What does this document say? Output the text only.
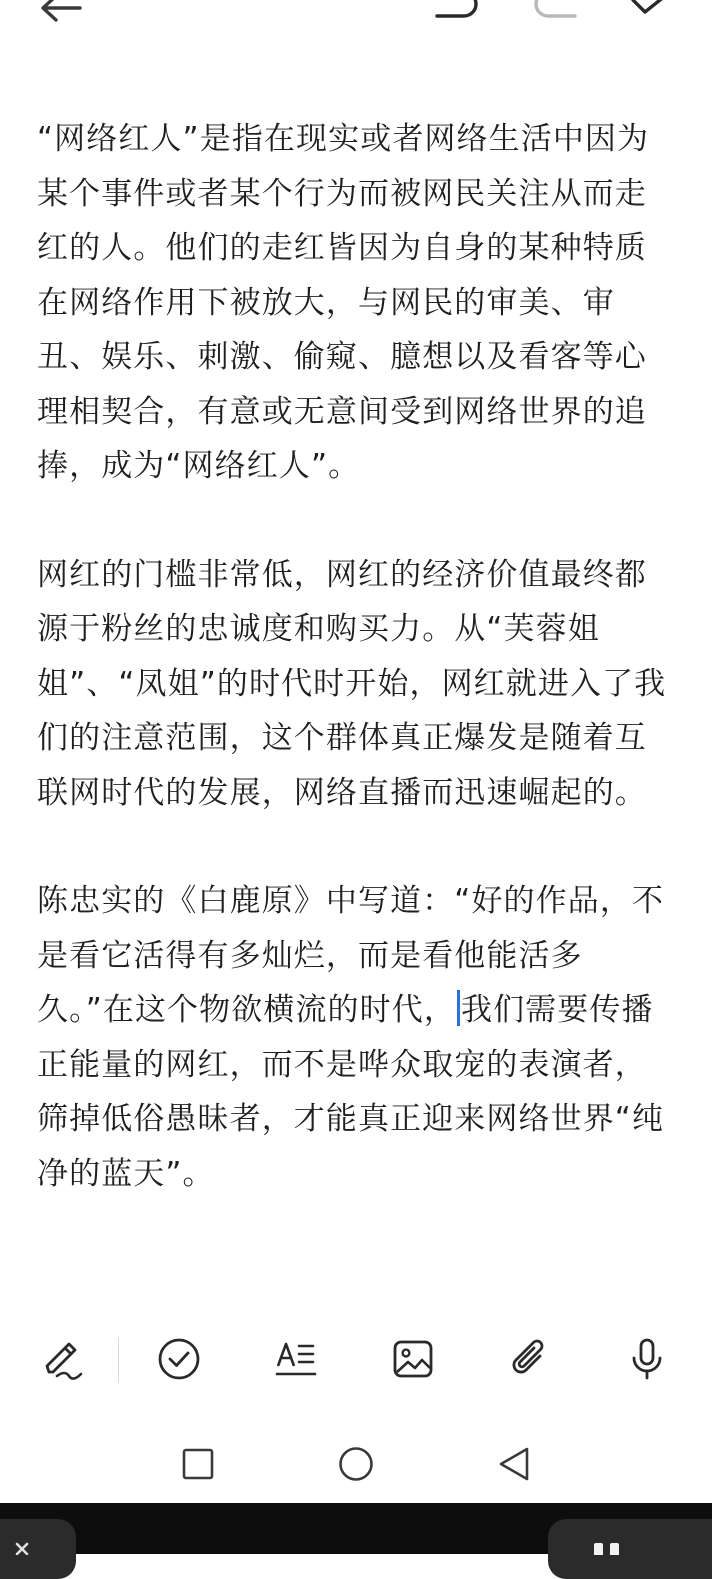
“网络红人”是指在现实或者网络生活中因为某个事件或者某个行为而被网民关注从而走红的人。他们的走红皆因为自身的某种特质在网络作用下被放大，与网民的审美、审丑、娱乐、刺激、偷窥、臆想以及看客等心理相契合，有意或无意间受到网络世界的追捧，成为“网络红人”。

网红的门槛非常低，网红的经济价值最终都源于粉丝的忠诚度和购买力。从“芙蓉姐姐”、“凤姐”的时代时开始，网红就进入了我们的注意范围，这个群体真正爆发是随着互联网时代的发展，网络直播而迅速崛起的。

陈忠实的《白鹿原》中写道：“好的作品，不是看它活得有多灿烂，而是看他能活多久。”在这个物欲横流的时代， 我们需要传播正能量的网红，而不是哗众取宠的表演者，筛掉低俗愚昧者，才能真正迎来网络世界“纯净的蓝天”。
